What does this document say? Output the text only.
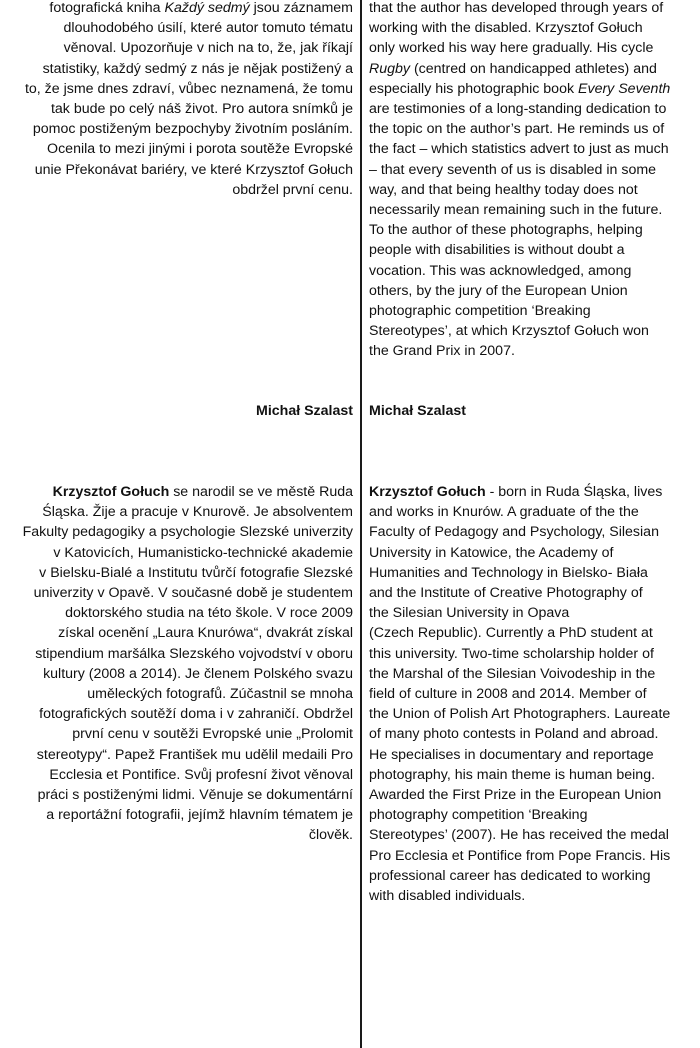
fotografická kniha Každý sedmý jsou záznamem
dlouhodobého úsilí, které autor tomuto tématu
věnoval. Upozorňuje v nich na to, že, jak říkají
statistiky, každý sedmý z nás je nějak postižený a
to, že jsme dnes zdraví, vůbec neznamená, že tomu
tak bude po celý náš život. Pro autora snímků je
pomoc postiženým bezpochyby životním posláním.
Ocenila to mezi jinými i porota soutěže Evropské
unie Překonávat bariéry, ve které Krzysztof Gołuch
obdržel první cenu.
Michał Szalast
Krzysztof Gołuch se narodil se ve městě Ruda
Śląska. Žije a pracuje v Knurově. Je absolventem
Fakulty pedagogiky a psychologie Slezské univerzity
v Katovicích, Humanisticko-technické akademie
v Bielsku-Bialé a Institutu tvůrčí fotografie Slezské
univerzity v Opavě. V současné době je studentem
doktorského studia na této škole. V roce 2009
získal ocenění „Laura Knurówa“, dvakrát získal
stipendium maršálka Slezského vojvodství v oboru
kultury (2008 a 2014). Je členem Polského svazu
uměleckých fotografů. Zúčastnil se mnoha
fotografických soutěží doma i v zahraničí. Obdržel
první cenu v soutěži Evropské unie „Prolomit
stereotypy“. Papež František mu udělil medaili Pro
Ecclesia et Pontifice. Svůj profesní život věnoval
práci s postiženými lidmi. Věnuje se dokumentární
a reportážní fotografii, jejímž hlavním tématem je
člověk.
that the author has developed through years of
working with the disabled. Krzysztof Gołuch
only worked his way here gradually. His cycle
Rugby (centred on handicapped athletes) and
especially his photographic book Every Seventh
are testimonies of a long-standing dedication to
the topic on the author’s part. He reminds us of
the fact – which statistics advert to just as much
– that every seventh of us is disabled in some
way, and that being healthy today does not
necessarily mean remaining such in the future.
To the author of these photographs, helping
people with disabilities is without doubt a
vocation. This was acknowledged, among
others, by the jury of the European Union
photographic competition ‘Breaking
Stereotypes’, at which Krzysztof Gołuch won
the Grand Prix in 2007.
Michał Szalast
Krzysztof Gołuch - born in Ruda Śląska, lives
and works in Knurów. A graduate of the the
Faculty of Pedagogy and Psychology, Silesian
University in Katowice, the Academy of
Humanities and Technology in Bielsko- Biała
and the Institute of Creative Photography of
the Silesian University in Opava
(Czech Republic). Currently a PhD student at
this university. Two-time scholarship holder of
the Marshal of the Silesian Voivodeship in the
field of culture in 2008 and 2014. Member of
the Union of Polish Art Photographers. Laureate
of many photo contests in Poland and abroad.
He specialises in documentary and reportage
photography, his main theme is human being.
Awarded the First Prize in the European Union
photography competition ‘Breaking
Stereotypes’ (2007). He has received the medal
Pro Ecclesia et Pontifice from Pope Francis. His
professional career has dedicated to working
with disabled individuals.
